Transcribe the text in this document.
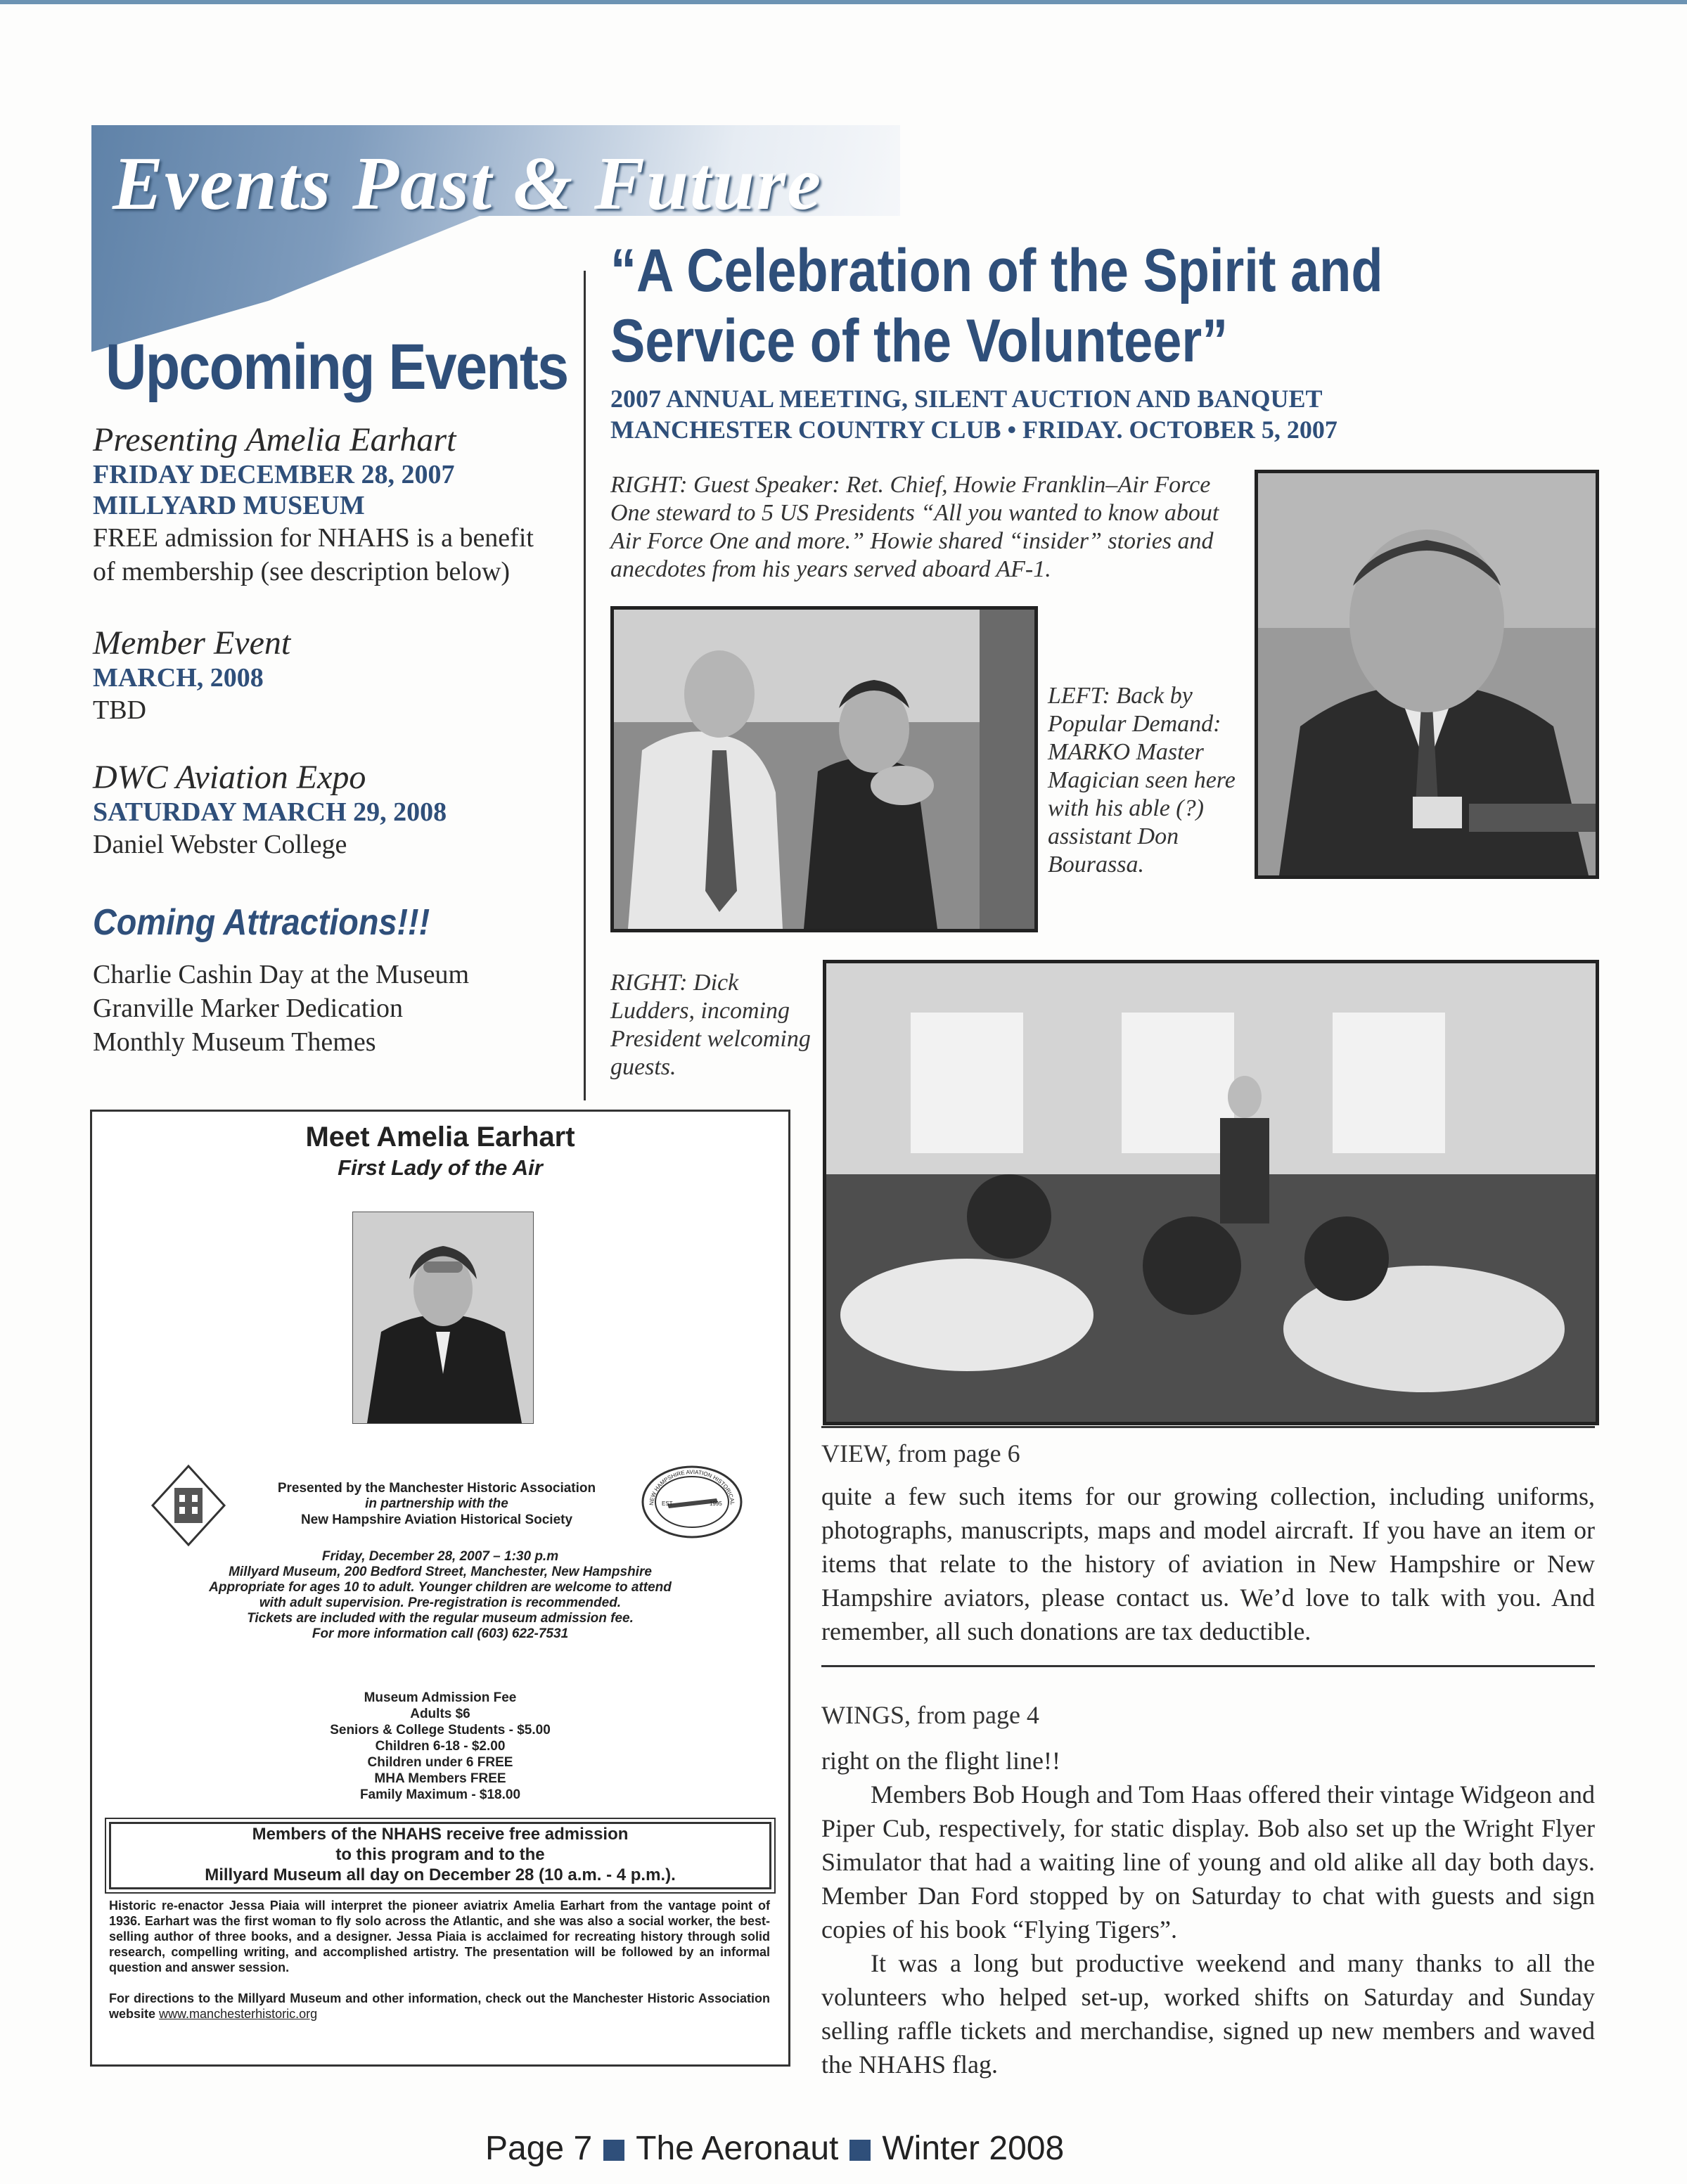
Events Past & Future
Upcoming Events
Presenting Amelia Earhart
FRIDAY DECEMBER 28, 2007
MILLYARD MUSEUM
FREE admission for NHAHS is a benefit of membership (see description below)
Member Event
MARCH, 2008
TBD
DWC Aviation Expo
SATURDAY MARCH 29, 2008
Daniel Webster College
Coming Attractions!!!
Charlie Cashin Day at the Museum
Granville Marker Dedication
Monthly Museum Themes
“A Celebration of the Spirit and Service of the Volunteer”
2007 ANNUAL MEETING, SILENT AUCTION AND BANQUET
MANCHESTER COUNTRY CLUB • FRIDAY. OCTOBER 5, 2007
RIGHT: Guest Speaker: Ret. Chief, Howie Franklin–Air Force One steward to 5 US Presidents “All you wanted to know about Air Force One and more.” Howie shared “insider” stories and anecdotes from his years served aboard AF-1.
LEFT: Back by Popular Demand: MARKO Master Magician seen here with his able (?) assistant Don Bourassa.
RIGHT: Dick Ludders, incoming President welcoming guests.
Meet Amelia Earhart
First Lady of the Air
NEW HAMPSHIRE AVIATION HISTORICAL
EST	1995
Presented by the Manchester Historic Association
in partnership with the
New Hampshire Aviation Historical Society
Friday, December 28, 2007 – 1:30 p.m
Millyard Museum, 200 Bedford Street, Manchester, New Hampshire
Appropriate for ages 10 to adult. Younger children are welcome to attend
with adult supervision. Pre-registration is recommended.
Tickets are included with the regular museum admission fee.
For more information call (603) 622-7531
Museum Admission Fee
Adults $6
Seniors & College Students - $5.00
Children 6-18 - $2.00
Children under 6 FREE
MHA Members FREE
Family Maximum - $18.00
Members of the NHAHS receive free admission
to this program and to the
Millyard Museum all day on December 28 (10 a.m. - 4 p.m.).
Historic re-enactor Jessa Piaia will interpret the pioneer aviatrix Amelia Earhart from the vantage point of 1936. Earhart was the first woman to fly solo across the Atlantic, and she was also a social worker, the best-selling author of three books, and a designer. Jessa Piaia is acclaimed for recreating history through solid research, compelling writing, and accomplished artistry. The presentation will be followed by an informal question and answer session.
For directions to the Millyard Museum and other information, check out the Manchester Historic Association website www.manchesterhistoric.org
VIEW, from page 6
quite a few such items for our growing collection, including uniforms, photographs, manuscripts, maps and model aircraft. If you have an item or items that relate to the history of aviation in New Hampshire or New Hampshire aviators, please contact us. We’d love to talk with you. And remember, all such donations are tax deductible.
WINGS, from page 4
right on the flight line!!
Members Bob Hough and Tom Haas offered their vintage Widgeon and Piper Cub, respectively, for static display. Bob also set up the Wright Flyer Simulator that had a waiting line of young and old alike all day both days. Member Dan Ford stopped by on Saturday to chat with guests and sign copies of his book “Flying Tigers”.
It was a long but productive weekend and many thanks to all the volunteers who helped set-up, worked shifts on Saturday and Sunday selling raffle tickets and merchandise, signed up new members and waved the NHAHS flag.
Page 7 The Aeronaut Winter 2008
